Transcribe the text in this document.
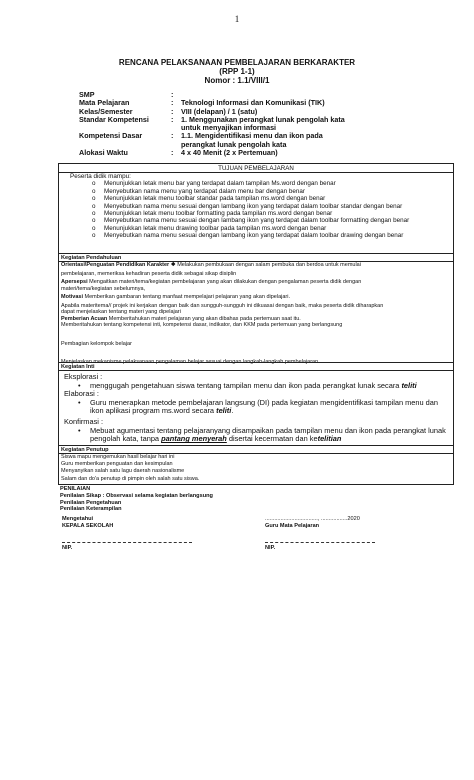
1
RENCANA PELAKSANAAN PEMBELAJARAN BERKARAKTER
(RPP 1-1)
Nomor : 1.1/VIII/1
SMP	:
Mata Pelajaran	:	Teknologi Informasi dan Komunikasi (TIK)
Kelas/Semester	:	VIII (delapan) / 1 (satu)
Standar Kompetensi	:	1. Menggunakan perangkat lunak pengolah kata untuk menyajikan informasi
Kompetensi Dasar	:	1.1. Mengidentifikasi menu dan ikon pada perangkat lunak pengolah kata
Alokasi Waktu	:	4 x 40 Menit (2 x Pertemuan)
TUJUAN PEMBELAJARAN
Peserta didik mampu:
o Menunjukkan letak menu bar yang terdapat dalam tampilan Ms.word dengan benar
o Menyebutkan nama menu yang terdapat dalam menu bar dengan benar
o Menunjukkan letak menu toolbar standar pada tampilan ms.word dengan benar
o Menyebutkan nama menu sesuai dengan lambang ikon yang terdapat dalam toolbar standar dengan benar
o Menunjukkan letak menu toolbar formatting pada tampilan ms.word dengan benar
o Menyebutkan nama menu sesuai dengan lambang ikon yang terdapat dalam toolbar formatting dengan benar
o Menunjukkan letak menu drawing toolbar pada tampilan ms.word dengan benar
o Menyebutkan nama menu sesuai dengan lambang ikon yang terdapat dalam toolbar drawing dengan benar
Kegiatan Pendahuluan
Orientasi\Penguatan Pendidikan Karakter ❖ Melakukan pembukaan dengan salam pembuka dan berdoa untuk memulai
pembelajaran, memeriksa kehadiran peserta didik sebagai sikap disiplin
Apersepsi Mengaitkan materi/tema/kegiatan pembelajaran yang akan dilakukan dengan pengalaman peserta didik dengan
materi/tema/kegiatan sebelumnya,
Motivasi Memberikan gambaran tentang manfaat mempelajari pelajaran yang akan dipelajari.
Apabila materitema// projek ini kerjakan dengan baik dan sungguh-sungguh ini dikuasai dengan baik, maka peserta didik diharapkan
dapat menjelaskan tentang materi yang dipelajari
Pemberian Acuan Memberitahukan materi pelajaran yang akan dibahas pada pertemuan saat itu.
Memberitahukan tentang kompetensi inti, kompetensi dasar, indikator, dan KKM pada pertemuan yang berlangsung
Pembagian kelompok belajar
Menjelaskan mekanisme pelaksanaan pengalaman belajar sesuai dengan langkah-langkah pembelajaran.
Kegiatan Inti
Eksplorasi :
• menggugah pengetahuan siswa tentang tampilan menu dan ikon pada perangkat lunak secara teliti
Elaborasi :
• Guru menerapkan metode pembelajaran langsung (DI) pada kegiatan mengidentifikasi tampilan menu dan ikon aplikasi program ms.word secara teliti.
Konfirmasi :
• Mebuat agumentasi tentang pelajaranyang disampaikan pada tampilan menu dan ikon pada perangkat lunak pengolah kata, tanpa pantang menyerah disertai kecermatan dan ketelitian
Kegiatan Penutup
Siswa mapu mengemukan hasil belajar hari ini
Guru memberikan penguatan dan kesimpulan
Menyanyikan salah satu lagu daerah nasionalisme
Salam dan do'a penutup di pimpin oleh salah satu siswa.
PENILAIAN
Penilaian Sikap : Observasi selama kegiatan berlangsung
Penilaian Pengetahuan
Penilaian Keterampilan
Mengetahui
KEPALA SEKOLAH
.................................., .................2020
Guru Mata Pelajaran
NIP.	NIP.
